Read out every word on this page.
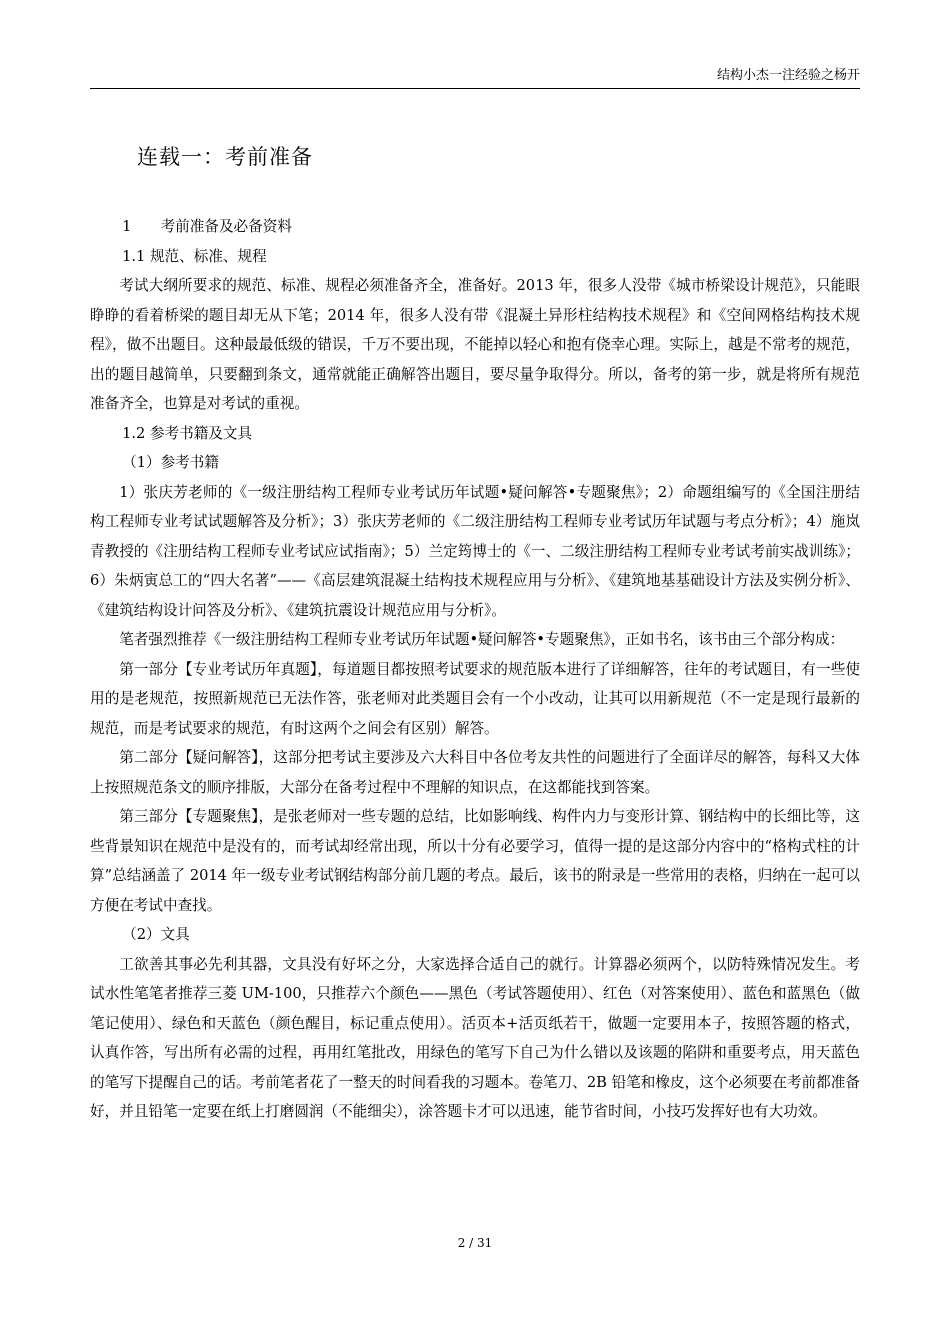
结构小杰一注经验之杨开
连载一：考前准备

1　　考前准备及必备资料

1.1 规范、标准、规程

考试大纲所要求的规范、标准、规程必须准备齐全，准备好。2013 年，很多人没带《城市桥梁设计规范》，只能眼睁睁的看着桥梁的题目却无从下笔；2014 年，很多人没有带《混凝土异形柱结构技术规程》和《空间网格结构技术规程》，做不出题目。这种最最低级的错误，千万不要出现，不能掉以轻心和抱有侥幸心理。实际上，越是不常考的规范，出的题目越简单，只要翻到条文，通常就能正确解答出题目，要尽量争取得分。所以，备考的第一步，就是将所有规范准备齐全，也算是对考试的重视。

1.2 参考书籍及文具

（1）参考书籍

1）张庆芳老师的《一级注册结构工程师专业考试历年试题•疑问解答•专题聚焦》；2）命题组编写的《全国注册结构工程师专业考试试题解答及分析》；3）张庆芳老师的《二级注册结构工程师专业考试历年试题与考点分析》；4）施岚青教授的《注册结构工程师专业考试应试指南》；5）兰定筠博士的《一、二级注册结构工程师专业考试考前实战训练》；6）朱炳寅总工的“四大名著”——《高层建筑混凝土结构技术规程应用与分析》、《建筑地基基础设计方法及实例分析》、《建筑结构设计问答及分析》、《建筑抗震设计规范应用与分析》。

笔者强烈推荐《一级注册结构工程师专业考试历年试题•疑问解答•专题聚焦》，正如书名，该书由三个部分构成：

第一部分【专业考试历年真题】，每道题目都按照考试要求的规范版本进行了详细解答，往年的考试题目，有一些使用的是老规范，按照新规范已无法作答，张老师对此类题目会有一个小改动，让其可以用新规范（不一定是现行最新的规范，而是考试要求的规范，有时这两个之间会有区别）解答。

第二部分【疑问解答】，这部分把考试主要涉及六大科目中各位考友共性的问题进行了全面详尽的解答，每科又大体上按照规范条文的顺序排版，大部分在备考过程中不理解的知识点，在这都能找到答案。

第三部分【专题聚焦】，是张老师对一些专题的总结，比如影响线、构件内力与变形计算、钢结构中的长细比等，这些背景知识在规范中是没有的，而考试却经常出现，所以十分有必要学习，值得一提的是这部分内容中的“格构式柱的计算”总结涵盖了 2014 年一级专业考试钢结构部分前几题的考点。最后，该书的附录是一些常用的表格，归纳在一起可以方便在考试中查找。

（2）文具

工欲善其事必先利其器，文具没有好坏之分，大家选择合适自己的就行。计算器必须两个，以防特殊情况发生。考试水性笔笔者推荐三菱 UM-100，只推荐六个颜色——黑色（考试答题使用）、红色（对答案使用）、蓝色和蓝黑色（做笔记使用）、绿色和天蓝色（颜色醒目，标记重点使用）。活页本+活页纸若干，做题一定要用本子，按照答题的格式，认真作答，写出所有必需的过程，再用红笔批改，用绿色的笔写下自己为什么错以及该题的陷阱和重要考点，用天蓝色的笔写下提醒自己的话。考前笔者花了一整天的时间看我的习题本。卷笔刀、2B 铅笔和橡皮，这个必须要在考前都准备好，并且铅笔一定要在纸上打磨圆润（不能细尖），涂答题卡才可以迅速，能节省时间，小技巧发挥好也有大功效。

2 / 31
